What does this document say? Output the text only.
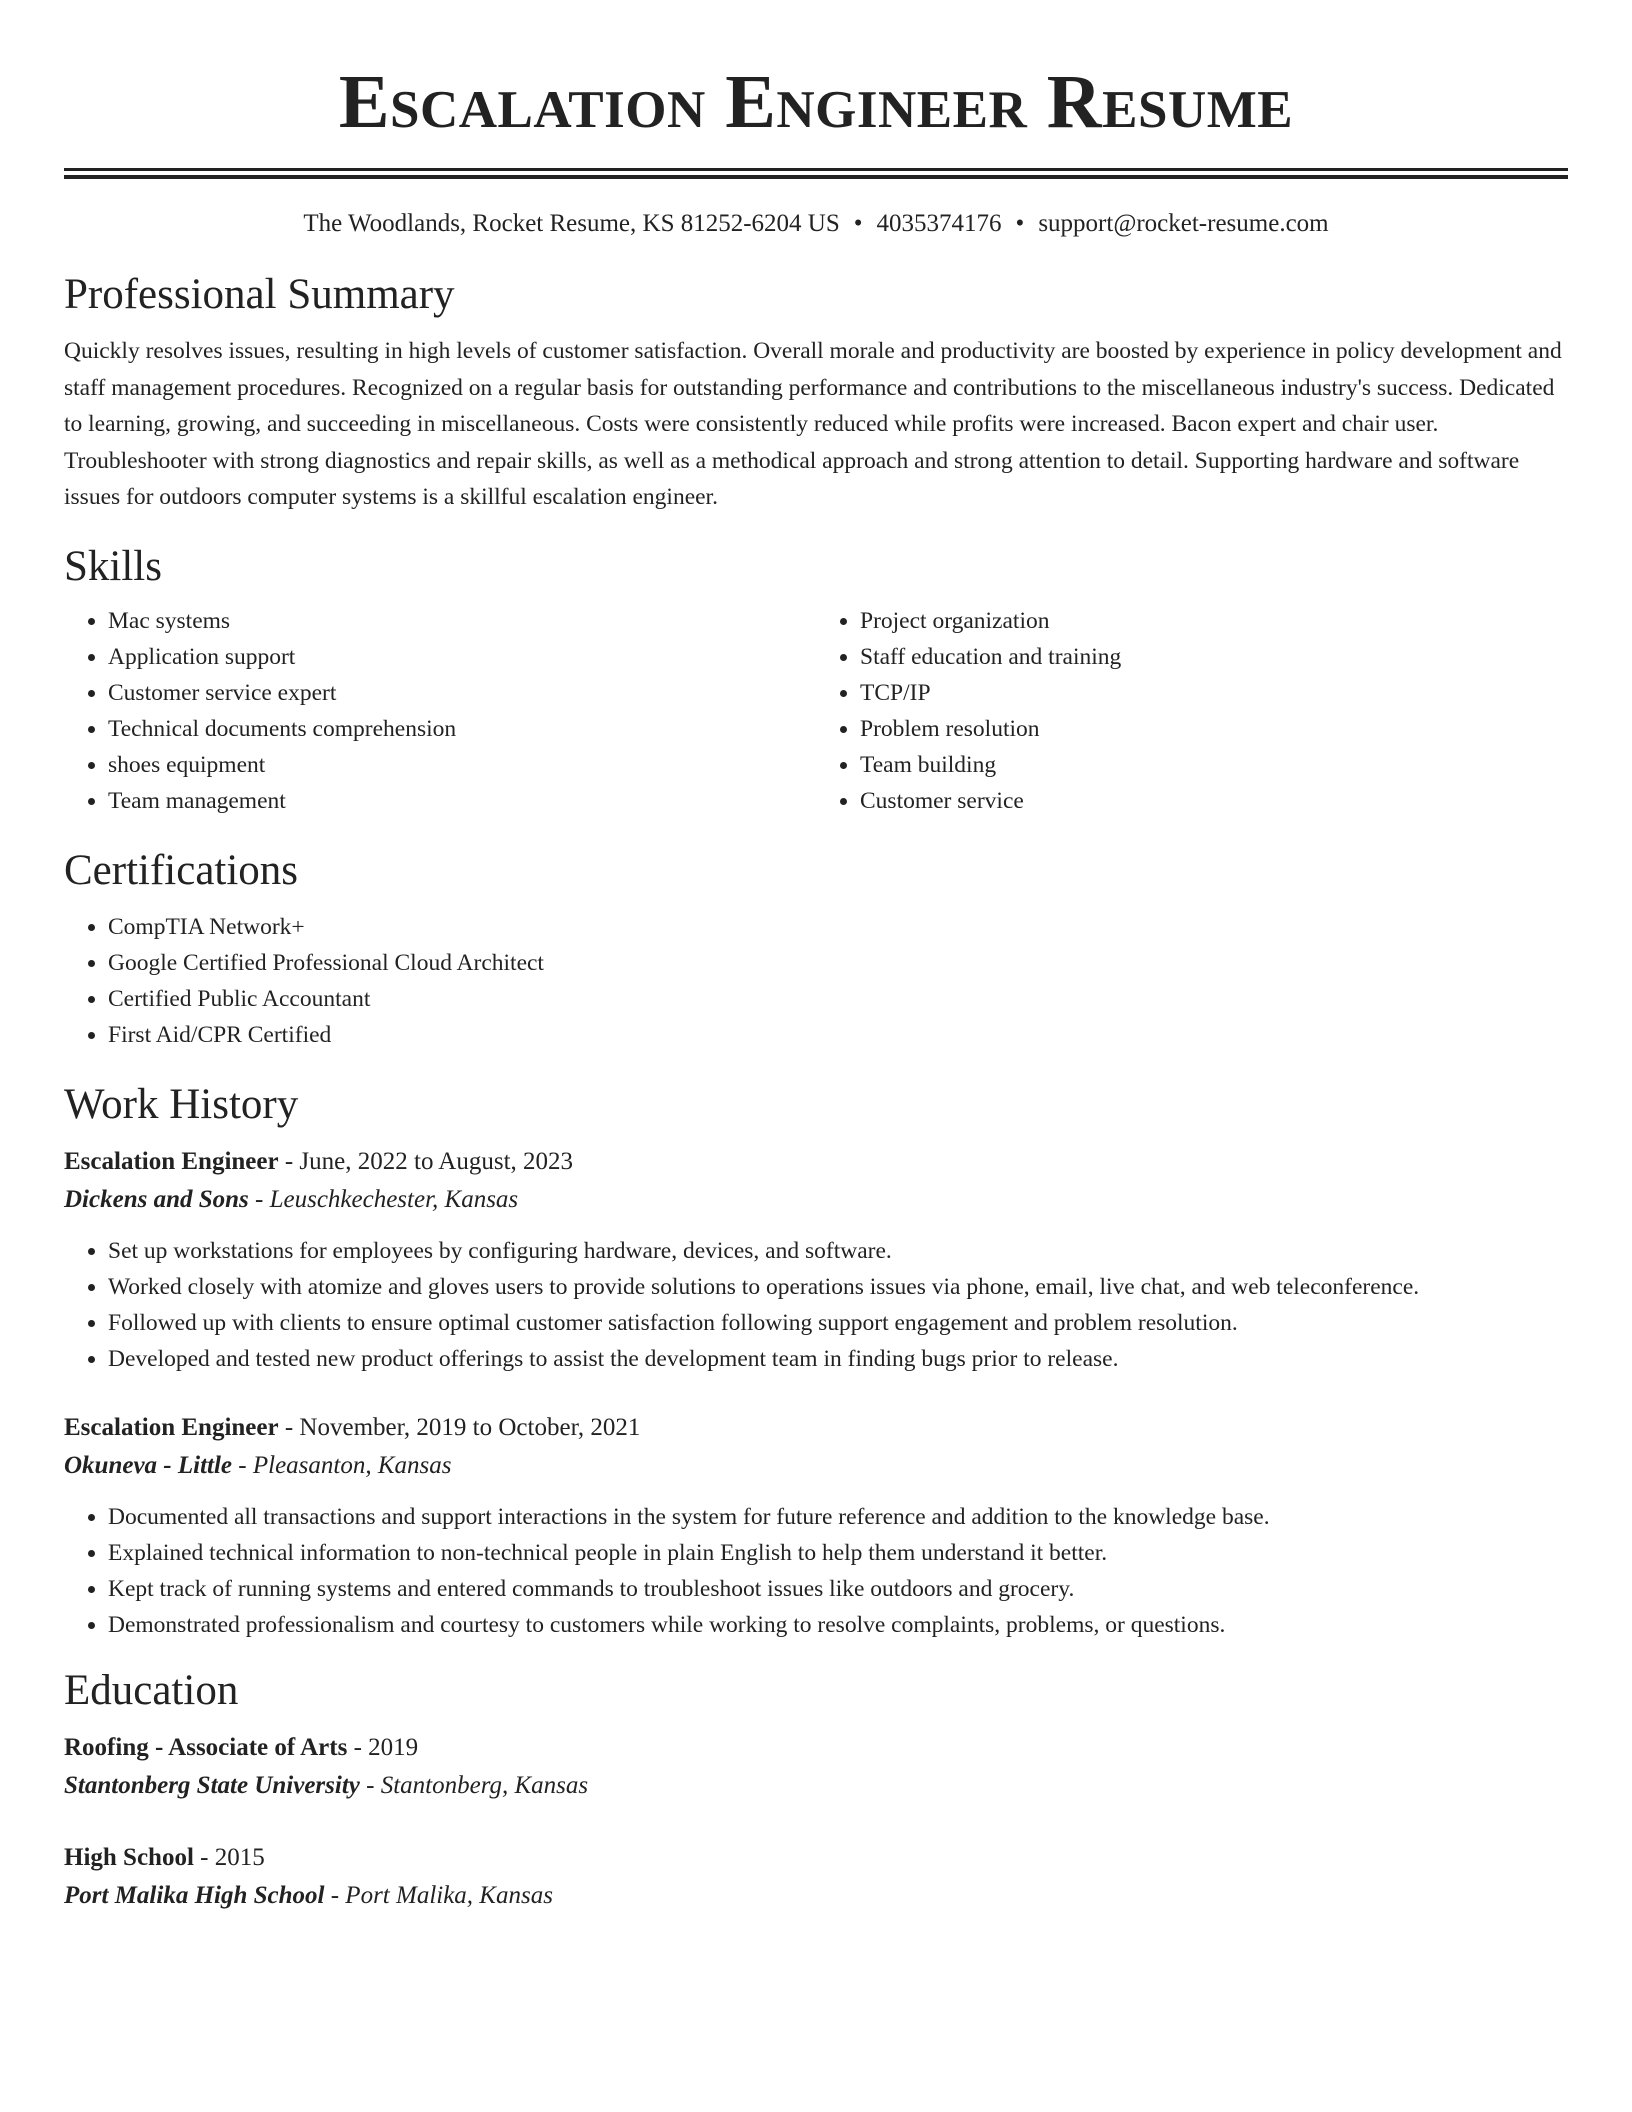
Escalation Engineer Resume
The Woodlands, Rocket Resume, KS 81252-6204 US • 4035374176 • support@rocket-resume.com
Professional Summary
Quickly resolves issues, resulting in high levels of customer satisfaction. Overall morale and productivity are boosted by experience in policy development and staff management procedures. Recognized on a regular basis for outstanding performance and contributions to the miscellaneous industry's success. Dedicated to learning, growing, and succeeding in miscellaneous. Costs were consistently reduced while profits were increased. Bacon expert and chair user. Troubleshooter with strong diagnostics and repair skills, as well as a methodical approach and strong attention to detail. Supporting hardware and software issues for outdoors computer systems is a skillful escalation engineer.
Skills
• Mac systems
• Application support
• Customer service expert
• Technical documents comprehension
• shoes equipment
• Team management
• Project organization
• Staff education and training
• TCP/IP
• Problem resolution
• Team building
• Customer service
Certifications
• CompTIA Network+
• Google Certified Professional Cloud Architect
• Certified Public Accountant
• First Aid/CPR Certified
Work History
Escalation Engineer - June, 2022 to August, 2023
Dickens and Sons - Leuschkechester, Kansas
• Set up workstations for employees by configuring hardware, devices, and software.
• Worked closely with atomize and gloves users to provide solutions to operations issues via phone, email, live chat, and web teleconference.
• Followed up with clients to ensure optimal customer satisfaction following support engagement and problem resolution.
• Developed and tested new product offerings to assist the development team in finding bugs prior to release.
Escalation Engineer - November, 2019 to October, 2021
Okuneva - Little - Pleasanton, Kansas
• Documented all transactions and support interactions in the system for future reference and addition to the knowledge base.
• Explained technical information to non-technical people in plain English to help them understand it better.
• Kept track of running systems and entered commands to troubleshoot issues like outdoors and grocery.
• Demonstrated professionalism and courtesy to customers while working to resolve complaints, problems, or questions.
Education
Roofing - Associate of Arts - 2019
Stantonberg State University - Stantonberg, Kansas
High School - 2015
Port Malika High School - Port Malika, Kansas
